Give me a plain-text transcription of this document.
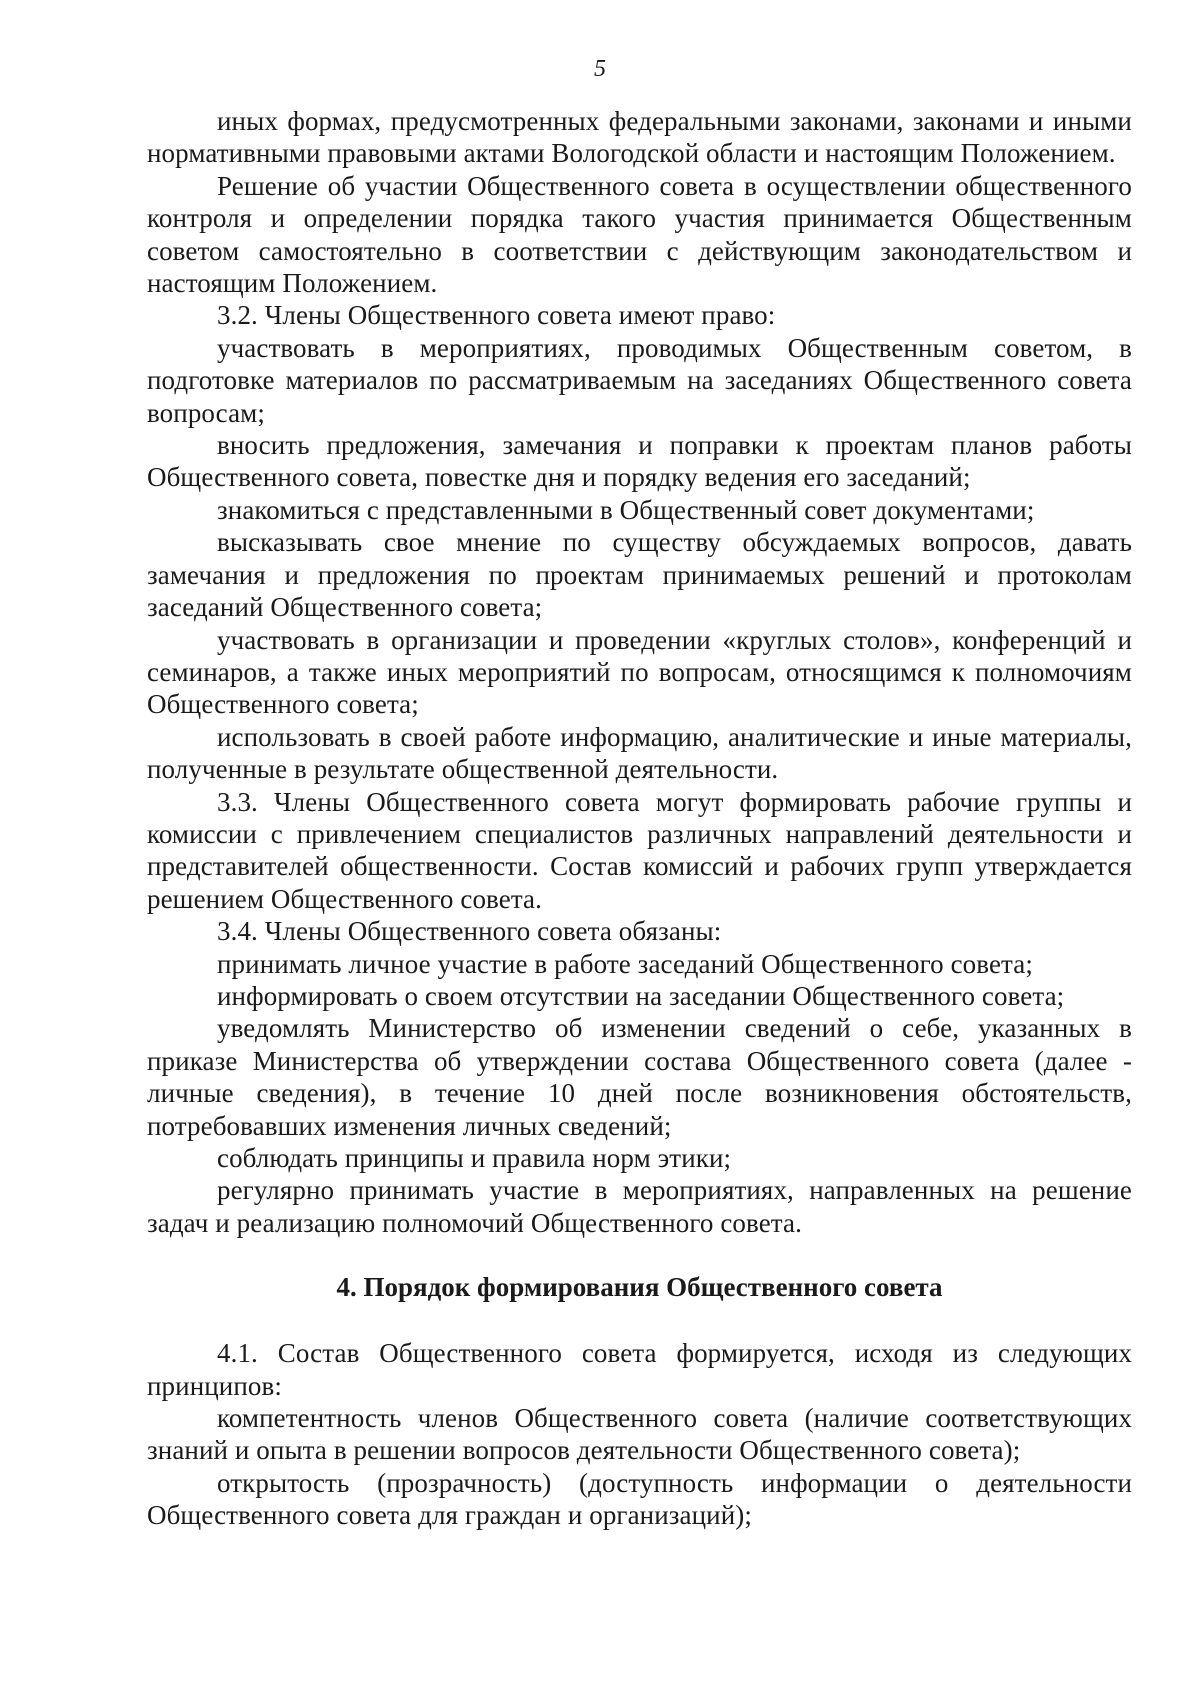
5

иных формах, предусмотренных федеральными законами, законами и иными нормативными правовыми актами Вологодской области и настоящим Положением.

Решение об участии Общественного совета в осуществлении общественного контроля и определении порядка такого участия принимается Общественным советом самостоятельно в соответствии с действующим законодательством и настоящим Положением.

3.2. Члены Общественного совета имеют право:

участвовать в мероприятиях, проводимых Общественным советом, в подготовке материалов по рассматриваемым на заседаниях Общественного совета вопросам;

вносить предложения, замечания и поправки к проектам планов работы Общественного совета, повестке дня и порядку ведения его заседаний;

знакомиться с представленными в Общественный совет документами;

высказывать свое мнение по существу обсуждаемых вопросов, давать замечания и предложения по проектам принимаемых решений и протоколам заседаний Общественного совета;

участвовать в организации и проведении «круглых столов», конференций и семинаров, а также иных мероприятий по вопросам, относящимся к полномочиям Общественного совета;

использовать в своей работе информацию, аналитические и иные материалы, полученные в результате общественной деятельности.

3.3. Члены Общественного совета могут формировать рабочие группы и комиссии с привлечением специалистов различных направлений деятельности и представителей общественности. Состав комиссий и рабочих групп утверждается решением Общественного совета.

3.4. Члены Общественного совета обязаны:

принимать личное участие в работе заседаний Общественного совета;

информировать о своем отсутствии на заседании Общественного совета;

уведомлять Министерство об изменении сведений о себе, указанных в приказе Министерства об утверждении состава Общественного совета (далее - личные сведения), в течение 10 дней после возникновения обстоятельств, потребовавших изменения личных сведений;

соблюдать принципы и правила норм этики;

регулярно принимать участие в мероприятиях, направленных на решение задач и реализацию полномочий Общественного совета.

4. Порядок формирования Общественного совета

4.1. Состав Общественного совета формируется, исходя из следующих принципов:

компетентность членов Общественного совета (наличие соответствующих знаний и опыта в решении вопросов деятельности Общественного совета);

открытость (прозрачность) (доступность информации о деятельности Общественного совета для граждан и организаций);
